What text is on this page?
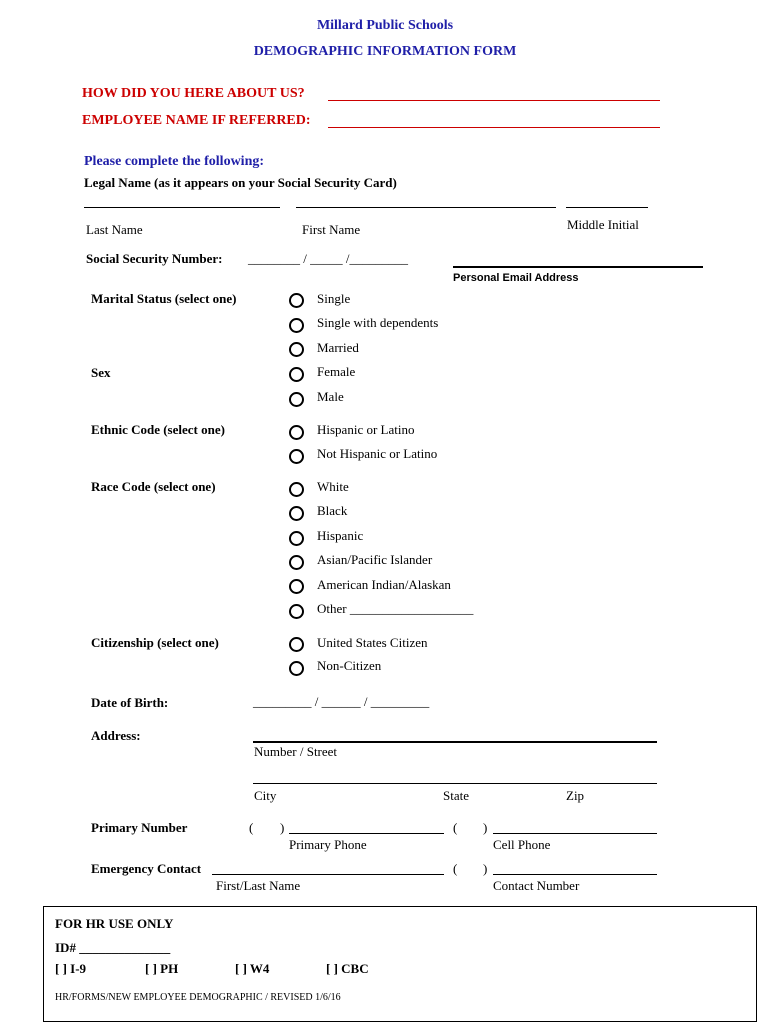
Millard Public Schools
DEMOGRAPHIC INFORMATION FORM
HOW DID YOU HERE ABOUT US?
EMPLOYEE NAME IF REFERRED:
Please complete the following:
Legal Name (as it appears on your Social Security Card)
Last Name	First Name	Middle Initial
Social Security Number: ________ / _____ /_________
Personal Email Address
Marital Status (select one)	Single
Single with dependents
Married
Sex	Female
Male
Ethnic Code (select one)	Hispanic or Latino
Not Hispanic or Latino
Race Code (select one)	White
Black
Hispanic
Asian/Pacific Islander
American Indian/Alaskan
Other ___________________
Citizenship (select one)	United States Citizen
Non-Citizen
Date of Birth:	_________ / ______ / _________
Address:
Number / Street
City	State	Zip
Primary Number	( )	( )
Primary Phone	Cell Phone
Emergency Contact	( )
First/Last Name	Contact Number
FOR HR USE ONLY
ID# ______________
[ ] I-9	[ ] PH	[ ] W4	[ ] CBC
HR/FORMS/NEW EMPLOYEE DEMOGRAPHIC / REVISED 1/6/16
